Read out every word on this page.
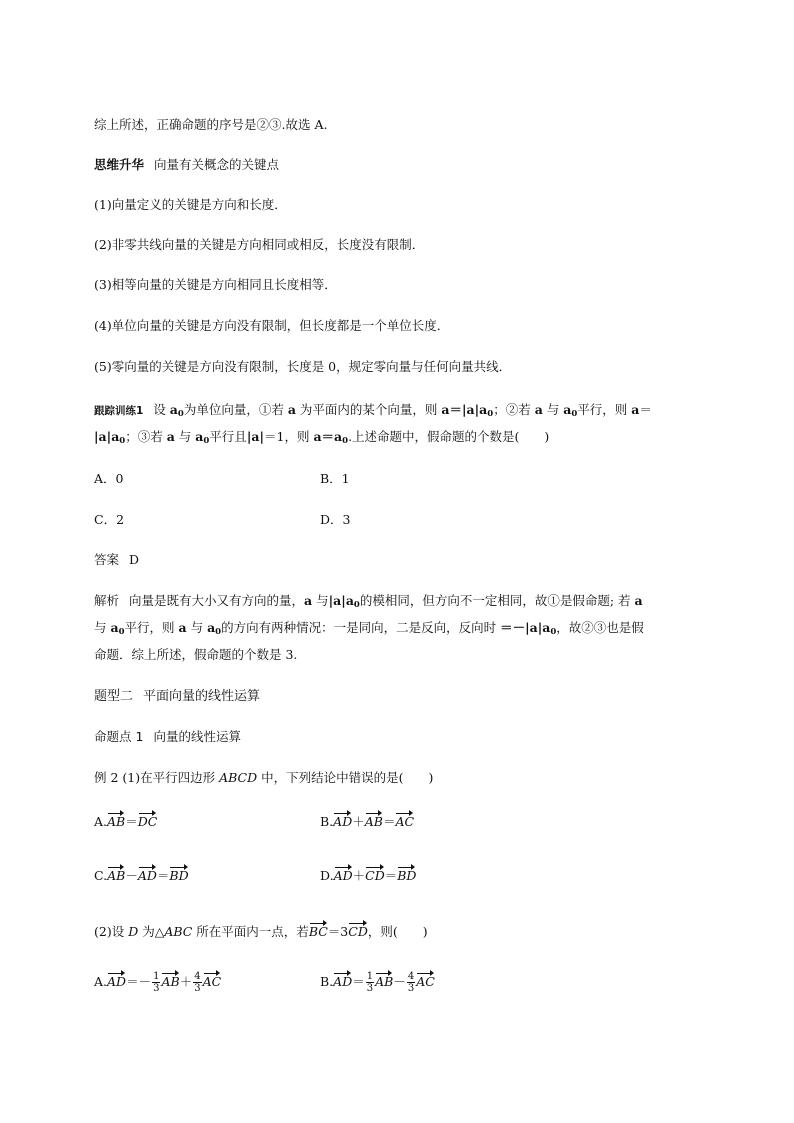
综上所述，正确命题的序号是②③.故选 A.
思维升华 向量有关概念的关键点
(1)向量定义的关键是方向和长度．
(2)非零共线向量的关键是方向相同或相反，长度没有限制．
(3)相等向量的关键是方向相同且长度相等．
(4)单位向量的关键是方向没有限制，但长度都是一个单位长度．
(5)零向量的关键是方向没有限制，长度是 0，规定零向量与任何向量共线．
跟踪训练1 设 $a_0$为单位向量，①若 a 为平面内的某个向量，则 $a=|a|a_0$；②若 a 与 $a_0$平行，则 a＝
$|a|a_0$；③若 a 与 $a_0$平行且|a|＝1，则 $a=a_0$.上述命题中，假命题的个数是(　　)
A．0	B．1
C．2	D．3
答案 D
解析 向量是既有大小又有方向的量，a 与$|a|a_0$的模相同，但方向不一定相同，故①是假命题; 若 a
与 $a_0$平行，则 a 与 $a_0$的方向有两种情况：一是同向，二是反向，反向时 $=-|a|a_0$，故②③也是假
命题．综上所述，假命题的个数是 3.
题型二 平面向量的线性运算
命题点 1 向量的线性运算
例 2 (1)在平行四边形 ABCD 中，下列结论中错误的是(　　)
A.AB＝DC	B.AD＋AB＝AC
C.AB－AD＝BD	D.AD＋CD＝BD
(2)设 D 为△ABC 所在平面内一点，若BC＝3CD，则(　　)
$A.AD=- \frac{1}{3} AB+ \frac{4}{3}$ AC	$B.AD= \frac{1}{3} AB- \frac{4}{3}$ AC
